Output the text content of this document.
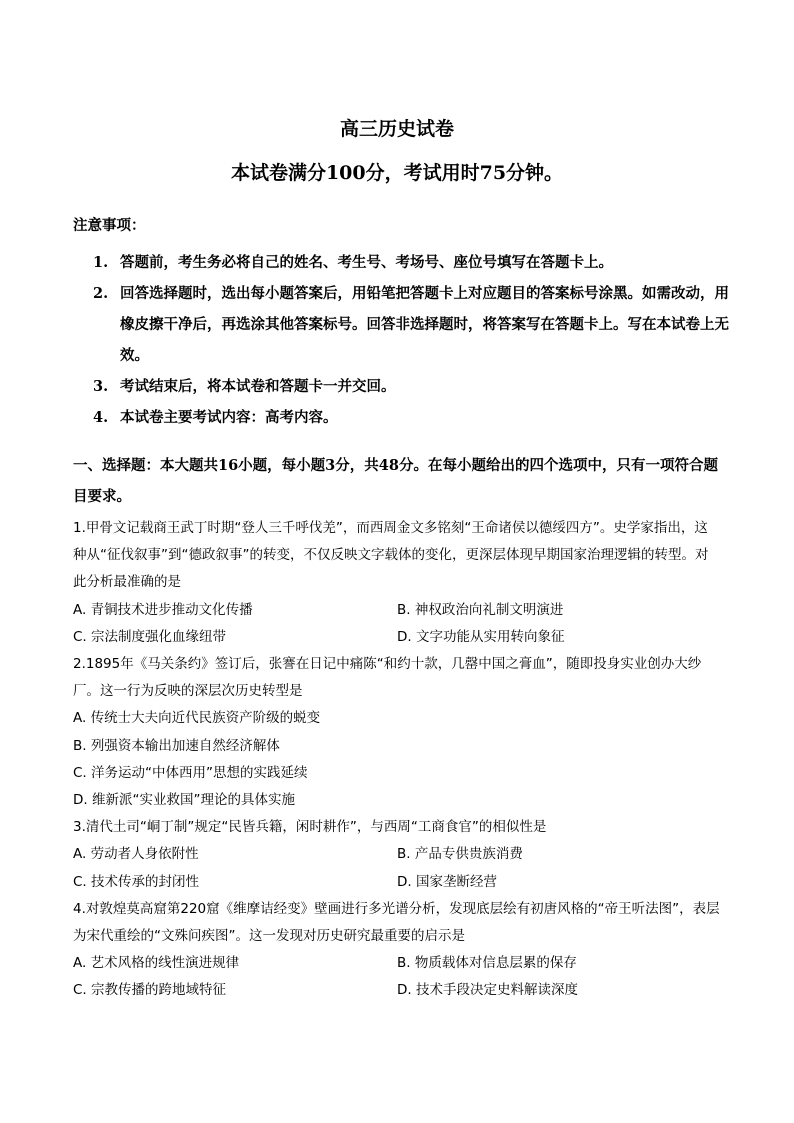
高三历史试卷
本试卷满分100分，考试用时75分钟。
注意事项：
1. 答题前，考生务必将自己的姓名、考生号、考场号、座位号填写在答题卡上。
2. 回答选择题时，选出每小题答案后，用铅笔把答题卡上对应题目的答案标号涂黑。如需改动，用橡皮擦干净后，再选涂其他答案标号。回答非选择题时，将答案写在答题卡上。写在本试卷上无效。
3. 考试结束后，将本试卷和答题卡一并交回。
4. 本试卷主要考试内容：高考内容。
一、选择题：本大题共16小题，每小题3分，共48分。在每小题给出的四个选项中，只有一项符合题目要求。
1.甲骨文记载商王武丁时期“登人三千呼伐羌”，而西周金文多铭刻“王命诸侯以德绥四方”。史学家指出，这种从“征伐叙事”到“德政叙事”的转变，不仅反映文字载体的变化，更深层体现早期国家治理逻辑的转型。对此分析最准确的是
A. 青铜技术进步推动文化传播	B. 神权政治向礼制文明演进
C. 宗法制度强化血缘纽带	D. 文字功能从实用转向象征
2.1895年《马关条约》签订后，张謇在日记中痛陈“和约十款，几罄中国之膏血”，随即投身实业创办大纱厂。这一行为反映的深层次历史转型是
A. 传统士大夫向近代民族资产阶级的蜕变
B. 列强资本输出加速自然经济解体
C. 洋务运动“中体西用”思想的实践延续
D. 维新派“实业救国”理论的具体实施
3.清代土司“峒丁制”规定“民皆兵籍，闲时耕作”，与西周“工商食官”的相似性是
A. 劳动者人身依附性	B. 产品专供贵族消费
C. 技术传承的封闭性	D. 国家垄断经营
4.对敦煌莫高窟第220窟《维摩诘经变》壁画进行多光谱分析，发现底层绘有初唐风格的“帝王听法图”，表层为宋代重绘的“文殊问疾图”。这一发现对历史研究最重要的启示是
A. 艺术风格的线性演进规律	B. 物质载体对信息层累的保存
C. 宗教传播的跨地域特征	D. 技术手段决定史料解读深度
